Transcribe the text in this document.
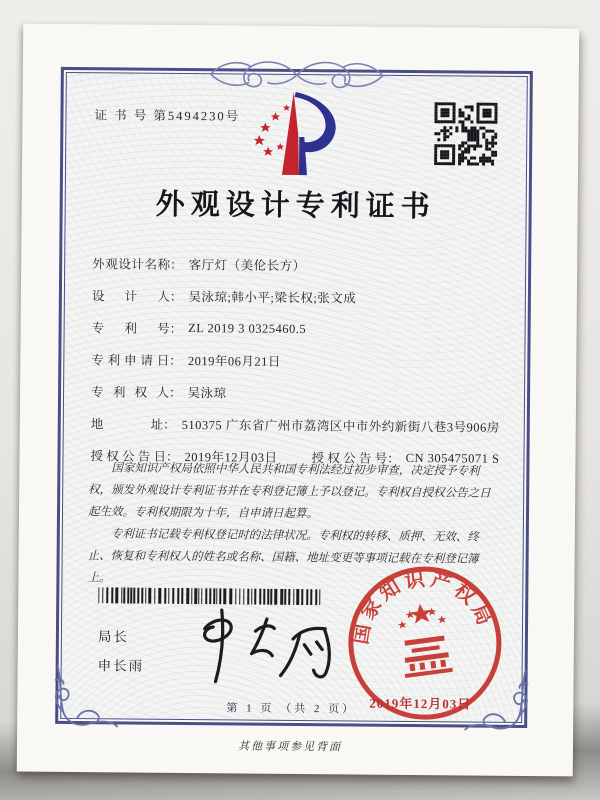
证 书 号 第5494230号
外观设计专利证书
外观设计名称 ： 客厅灯（美伦长方）
设计人 ： 吴泳琼;韩小平;梁长权;张文成
专利号 ： ZL 2019 3 0325460.5
专利申请日 ： 2019年06月21日
专利权人 ： 吴泳琼
地址 ： 510375 广东省广州市荔湾区中市外约新街八巷3号906房
授权公告日 ： 2019年12月03日	授权公告号 ： CN 305475071 S

国家知识产权局依照中华人民共和国专利法经过初步审查，决定授予专利权，颁发外观设计专利证书并在专利登记簿上予以登记。专利权自授权公告之日起生效。专利权期限为十年，自申请日起算。

专利证书记载专利权登记时的法律状况。专利权的转移、质押、无效、终止、恢复和专利权人的姓名或名称、国籍、地址变更等事项记载在专利登记簿上。

局长
申长雨
国家知识产权局
2019年12月03日
第 1 页 （共 2 页）
其他事项参见背面
